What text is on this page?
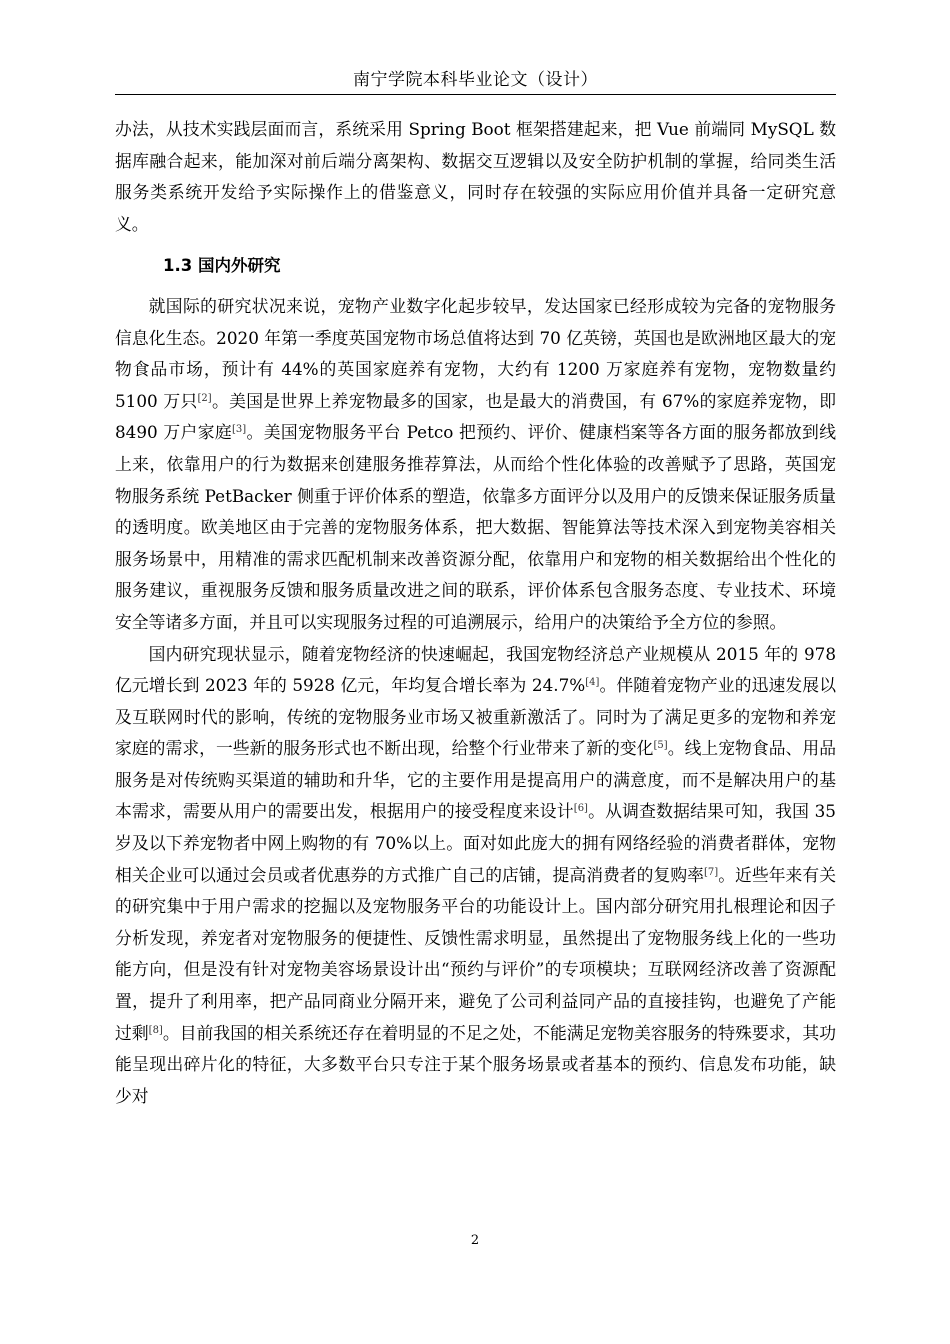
南宁学院本科毕业论文（设计）

办法，从技术实践层面而言，系统采用 Spring Boot 框架搭建起来，把 Vue 前端同 MySQL 数据库融合起来，能加深对前后端分离架构、数据交互逻辑以及安全防护机制的掌握，给同类生活服务类系统开发给予实际操作上的借鉴意义，同时存在较强的实际应用价值并具备一定研究意义。

1.3 国内外研究

就国际的研究状况来说，宠物产业数字化起步较早，发达国家已经形成较为完备的宠物服务信息化生态。2020 年第一季度英国宠物市场总值将达到 70 亿英镑，英国也是欧洲地区最大的宠物食品市场，预计有 44%的英国家庭养有宠物，大约有 1200 万家庭养有宠物，宠物数量约 5100 万只[2]。美国是世界上养宠物最多的国家，也是最大的消费国，有 67%的家庭养宠物，即 8490 万户家庭[3]。美国宠物服务平台 Petco 把预约、评价、健康档案等各方面的服务都放到线上来，依靠用户的行为数据来创建服务推荐算法，从而给个性化体验的改善赋予了思路，英国宠物服务系统 PetBacker 侧重于评价体系的塑造，依靠多方面评分以及用户的反馈来保证服务质量的透明度。欧美地区由于完善的宠物服务体系，把大数据、智能算法等技术深入到宠物美容相关服务场景中，用精准的需求匹配机制来改善资源分配，依靠用户和宠物的相关数据给出个性化的服务建议，重视服务反馈和服务质量改进之间的联系，评价体系包含服务态度、专业技术、环境安全等诸多方面，并且可以实现服务过程的可追溯展示，给用户的决策给予全方位的参照。

国内研究现状显示，随着宠物经济的快速崛起，我国宠物经济总产业规模从 2015 年的 978 亿元增长到 2023 年的 5928 亿元，年均复合增长率为 24.7%[4]。伴随着宠物产业的迅速发展以及互联网时代的影响，传统的宠物服务业市场又被重新激活了。同时为了满足更多的宠物和养宠家庭的需求，一些新的服务形式也不断出现，给整个行业带来了新的变化[5]。线上宠物食品、用品服务是对传统购买渠道的辅助和升华，它的主要作用是提高用户的满意度，而不是解决用户的基本需求，需要从用户的需要出发，根据用户的接受程度来设计[6]。从调查数据结果可知，我国 35 岁及以下养宠物者中网上购物的有 70%以上。面对如此庞大的拥有网络经验的消费者群体，宠物相关企业可以通过会员或者优惠券的方式推广自己的店铺，提高消费者的复购率[7]。近些年来有关的研究集中于用户需求的挖掘以及宠物服务平台的功能设计上。国内部分研究用扎根理论和因子分析发现，养宠者对宠物服务的便捷性、反馈性需求明显，虽然提出了宠物服务线上化的一些功能方向，但是没有针对宠物美容场景设计出“预约与评价”的专项模块；互联网经济改善了资源配置，提升了利用率，把产品同商业分隔开来，避免了公司利益同产品的直接挂钩，也避免了产能过剩[8]。目前我国的相关系统还存在着明显的不足之处，不能满足宠物美容服务的特殊要求，其功能呈现出碎片化的特征，大多数平台只专注于某个服务场景或者基本的预约、信息发布功能，缺少对

2
